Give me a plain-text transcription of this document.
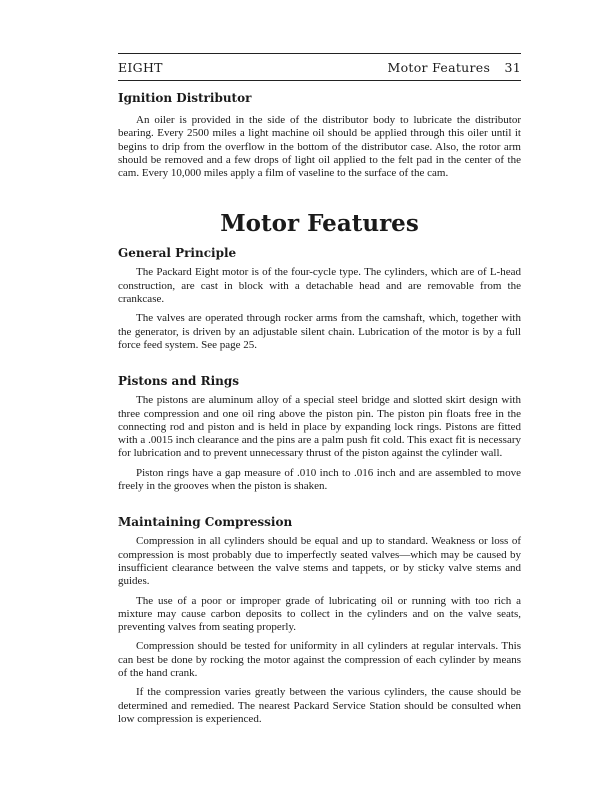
EIGHT	Motor Features 31
Ignition Distributor

An oiler is provided in the side of the distributor body to lubricate the distributor bearing. Every 2500 miles a light machine oil should be applied through this oiler until it begins to drip from the overflow in the bottom of the distributor case. Also, the rotor arm should be removed and a few drops of light oil applied to the felt pad in the center of the cam. Every 10,000 miles apply a film of vaseline to the surface of the cam.

Motor Features
General Principle

The Packard Eight motor is of the four-cycle type. The cylinders, which are of L-head construction, are cast in block with a detachable head and are removable from the crankcase.

The valves are operated through rocker arms from the camshaft, which, together with the generator, is driven by an adjustable silent chain. Lubrication of the motor is by a full force feed system. See page 25.

Pistons and Rings

The pistons are aluminum alloy of a special steel bridge and slotted skirt design with three compression and one oil ring above the piston pin. The piston pin floats free in the connecting rod and piston and is held in place by expanding lock rings. Pistons are fitted with a .0015 inch clearance and the pins are a palm push fit cold. This exact fit is necessary for lubrication and to prevent unnecessary thrust of the piston against the cylinder wall.

Piston rings have a gap measure of .010 inch to .016 inch and are assembled to move freely in the grooves when the piston is shaken.

Maintaining Compression

Compression in all cylinders should be equal and up to standard. Weakness or loss of compression is most probably due to imperfectly seated valves—which may be caused by insufficient clearance between the valve stems and tappets, or by sticky valve stems and guides.

The use of a poor or improper grade of lubricating oil or running with too rich a mixture may cause carbon deposits to collect in the cylinders and on the valve seats, preventing valves from seating properly.

Compression should be tested for uniformity in all cylinders at regular intervals. This can best be done by rocking the motor against the compression of each cylinder by means of the hand crank.

If the compression varies greatly between the various cylinders, the cause should be determined and remedied. The nearest Packard Service Station should be consulted when low compression is experienced.
